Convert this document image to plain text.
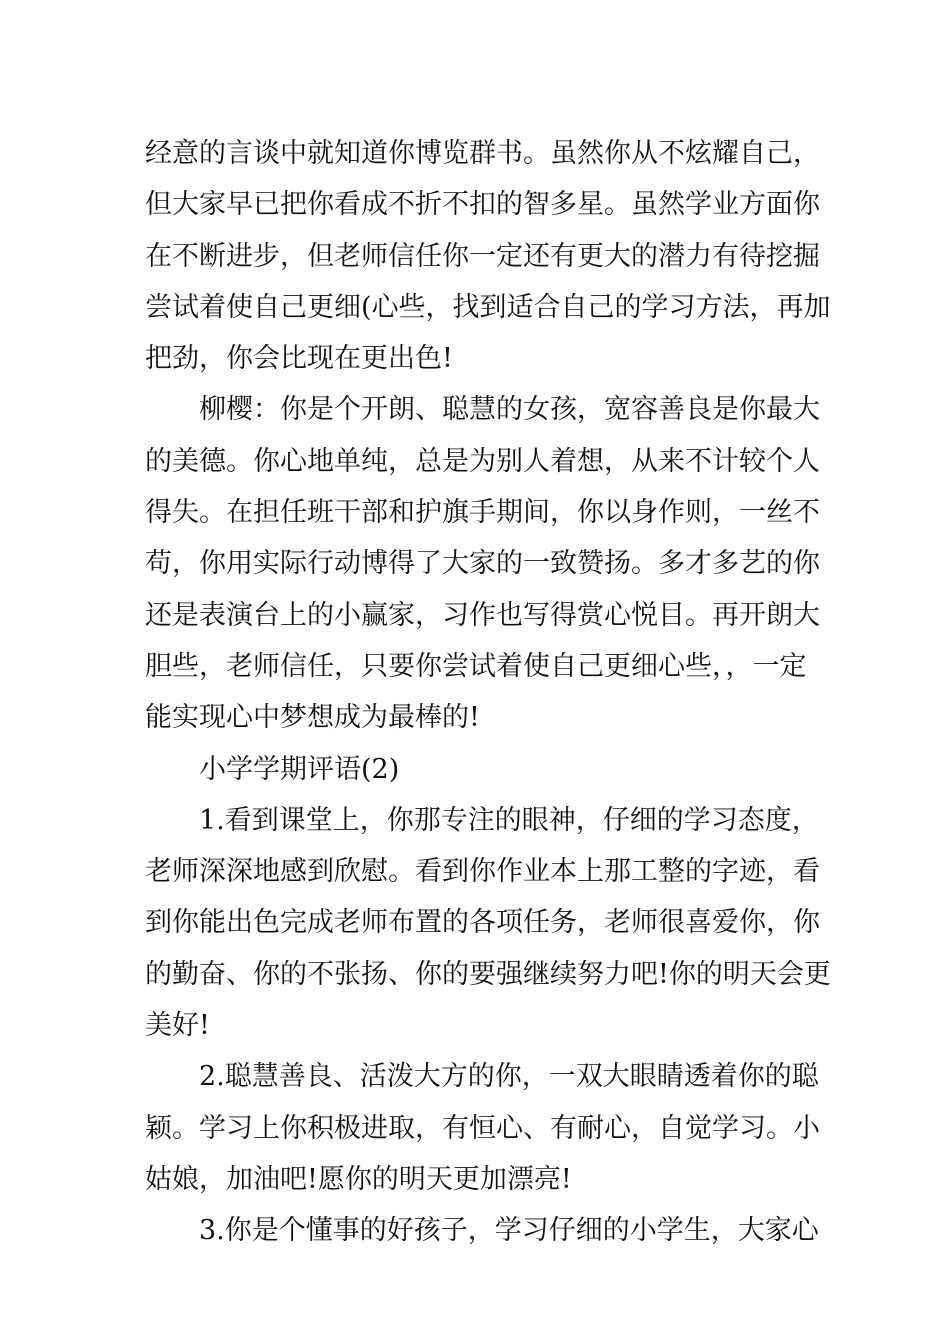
经意的言谈中就知道你博览群书。虽然你从不炫耀自己，
但大家早已把你看成不折不扣的智多星。虽然学业方面你
在不断进步，但老师信任你一定还有更大的潜力有待挖掘
尝试着使自己更细(心些，找到适合自己的学习方法，再加
把劲，你会比现在更出色!
柳樱：你是个开朗、聪慧的女孩，宽容善良是你最大
的美德。你心地单纯，总是为别人着想，从来不计较个人
得失。在担任班干部和护旗手期间，你以身作则，一丝不
苟，你用实际行动博得了大家的一致赞扬。多才多艺的你
还是表演台上的小赢家，习作也写得赏心悦目。再开朗大
胆些，老师信任，只要你尝试着使自己更细心些，，一定
能实现心中梦想成为最棒的!
小学学期评语(2)
1.看到课堂上，你那专注的眼神，仔细的学习态度，
老师深深地感到欣慰。看到你作业本上那工整的字迹，看
到你能出色完成老师布置的各项任务，老师很喜爱你，你
的勤奋、你的不张扬、你的要强继续努力吧!你的明天会更
美好!
2.聪慧善良、活泼大方的你，一双大眼睛透着你的聪
颖。学习上你积极进取，有恒心、有耐心，自觉学习。小
姑娘，加油吧!愿你的明天更加漂亮!
3.你是个懂事的好孩子，学习仔细的小学生，大家心
